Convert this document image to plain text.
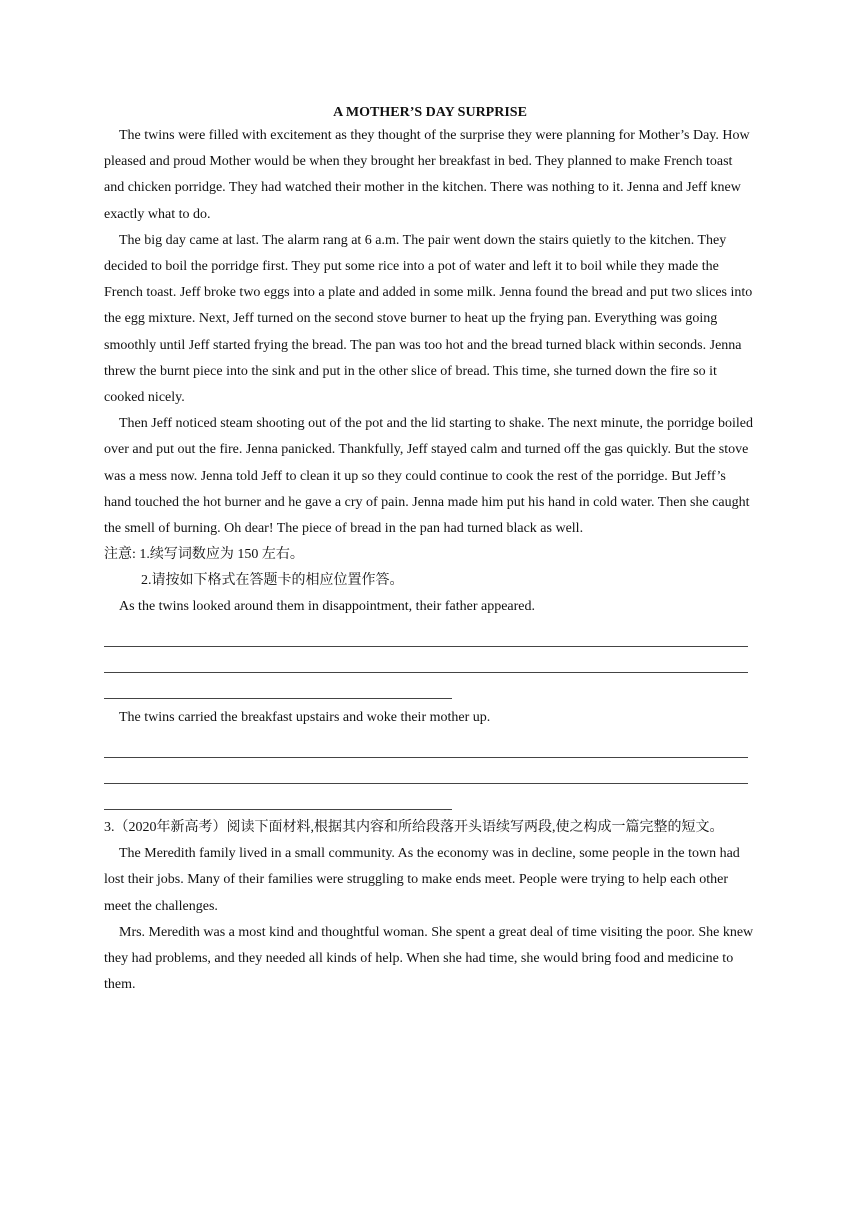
A MOTHER’S DAY SURPRISE

The twins were filled with excitement as they thought of the surprise they were planning for Mother’s Day. How pleased and proud Mother would be when they brought her breakfast in bed. They planned to make French toast and chicken porridge. They had watched their mother in the kitchen. There was nothing to it. Jenna and Jeff knew exactly what to do.

The big day came at last. The alarm rang at 6 a.m. The pair went down the stairs quietly to the kitchen. They decided to boil the porridge first. They put some rice into a pot of water and left it to boil while they made the French toast. Jeff broke two eggs into a plate and added in some milk. Jenna found the bread and put two slices into the egg mixture. Next, Jeff turned on the second stove burner to heat up the frying pan. Everything was going smoothly until Jeff started frying the bread. The pan was too hot and the bread turned black within seconds. Jenna threw the burnt piece into the sink and put in the other slice of bread. This time, she turned down the fire so it cooked nicely.

Then Jeff noticed steam shooting out of the pot and the lid starting to shake. The next minute, the porridge boiled over and put out the fire. Jenna panicked. Thankfully, Jeff stayed calm and turned off the gas quickly. But the stove was a mess now. Jenna told Jeff to clean it up so they could continue to cook the rest of the porridge. But Jeff’s hand touched the hot burner and he gave a cry of pain. Jenna made him put his hand in cold water. Then she caught the smell of burning. Oh dear! The piece of bread in the pan had turned black as well.

注意: 1.续写词数应为 150 左右。

2.请按如下格式在答题卡的相应位置作答。

As the twins looked around them in disappointment, their father appeared.

The twins carried the breakfast upstairs and woke their mother up.

3.（2020年新高考）阅读下面材料,根据其内容和所给段落开头语续写两段,使之构成一篇完整的短文。

The Meredith family lived in a small community. As the economy was in decline, some people in the town had lost their jobs. Many of their families were struggling to make ends meet. People were trying to help each other meet the challenges.

Mrs. Meredith was a most kind and thoughtful woman. She spent a great deal of time visiting the poor. She knew they had problems, and they needed all kinds of help. When she had time, she would bring food and medicine to them.
